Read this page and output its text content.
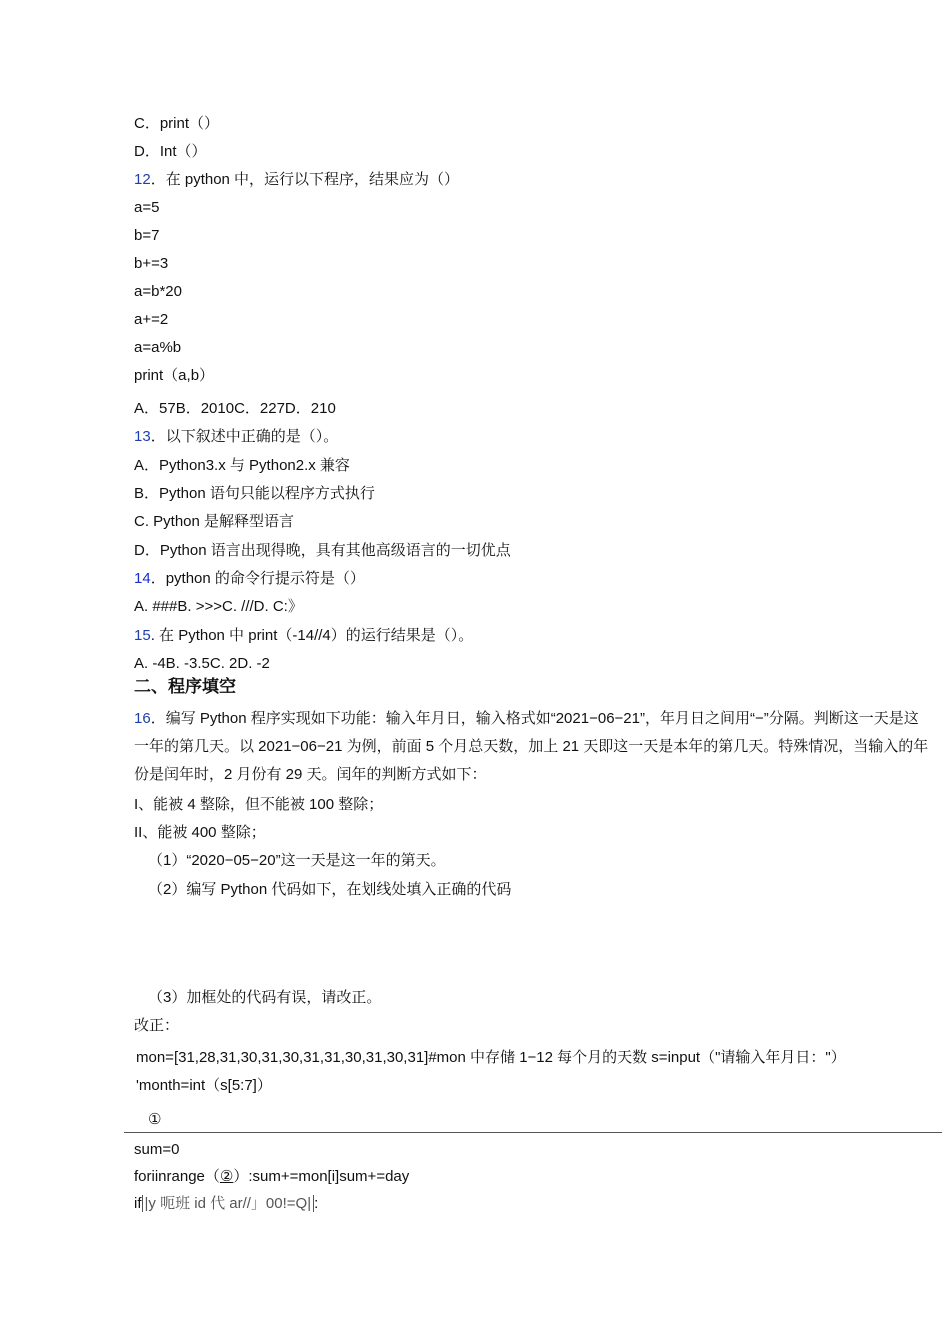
C．print（）
D．Int（）
12．在 python 中，运行以下程序，结果应为（）
a=5
b=7
b+=3
a=b*20
a+=2
a=a%b
print（a,b）
A．57B．2010C．227D．210
13．以下叙述中正确的是（）。
A．Python3.x 与 Python2.x 兼容
B．Python 语句只能以程序方式执行
C. Python 是解释型语言
D．Python 语言出现得晚，具有其他高级语言的一切优点
14．python 的命令行提示符是（）
A. ###B. >>>C. ///D. C:》
15. 在 Python 中 print（-14//4）的运行结果是（）。
A. -4B. -3.5C. 2D. -2
二、程序填空
16．编写 Python 程序实现如下功能：输入年月日，输入格式如“2021−06−21”，年月日之间用“−”分隔。判断这一天是这一年的第几天。以 2021−06−21 为例，前面 5 个月总天数，加上 21 天即这一天是本年的第几天。特殊情况，当输入的年份是闰年时，2 月份有 29 天。闰年的判断方式如下：
I、能被 4 整除，但不能被 100 整除；
II、能被 400 整除；
（1）“2020−05−20”这一天是这一年的第天。
（2）编写 Python 代码如下，在划线处填入正确的代码
（3）加框处的代码有误，请改正。
改正：
mon=[31,28,31,30,31,30,31,31,30,31,30,31]#mon 中存储 1−12 每个月的天数 s=input（"请输入年月日："）
'month=int（s[5:7]）
①
sum=0
foriinrange（②）:sum+=mon[i]sum+=day
if |y 呃班 id 代 ar//」00!=Q| :
